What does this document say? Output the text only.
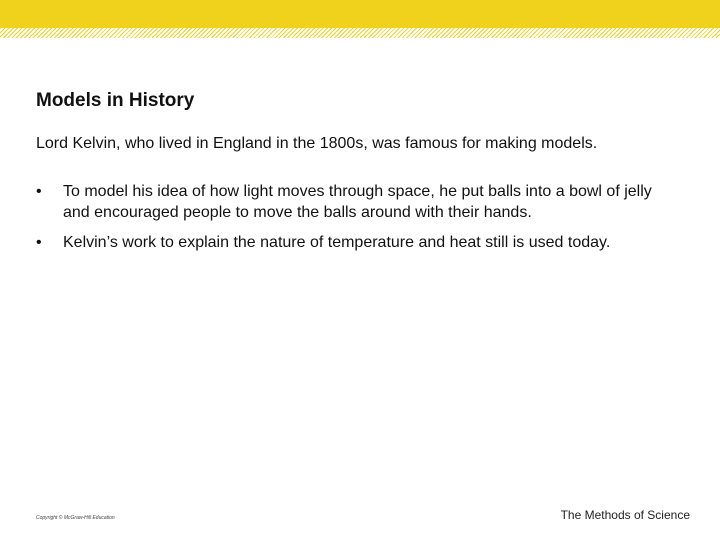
Models in History
Lord Kelvin, who lived in England in the 1800s, was famous for making models.
•	To model his idea of how light moves through space, he put balls into a bowl of jelly and encouraged people to move the balls around with their hands.
•	Kelvin’s work to explain the nature of temperature and heat still is used today.
Copyright © McGraw-Hill Education	The Methods of Science
